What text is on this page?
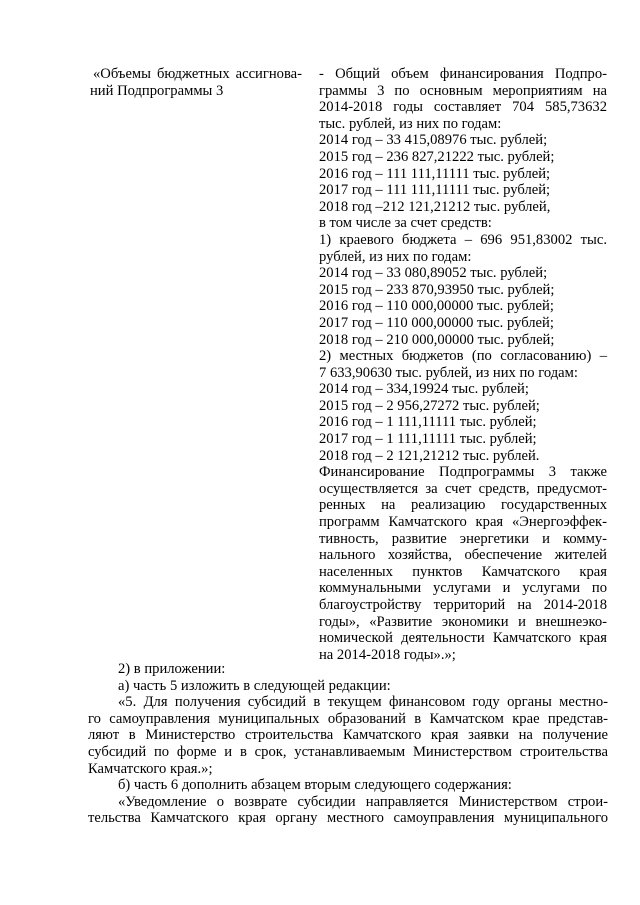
«Объемы бюджетных ассигнова-
ний Подпрограммы 3
- Общий объем финансирования Подпро-
граммы 3 по основным мероприятиям на
2014-2018 годы составляет 704 585,73632
тыс. рублей, из них по годам:
2014 год – 33 415,08976 тыс. рублей;
2015 год – 236 827,21222 тыс. рублей;
2016 год – 111 111,11111 тыс. рублей;
2017 год – 111 111,11111 тыс. рублей;
2018 год –212 121,21212 тыс. рублей,
в том числе за счет средств:
1) краевого бюджета – 696 951,83002 тыс.
рублей, из них по годам:
2014 год – 33 080,89052 тыс. рублей;
2015 год – 233 870,93950 тыс. рублей;
2016 год – 110 000,00000 тыс. рублей;
2017 год – 110 000,00000 тыс. рублей;
2018 год – 210 000,00000 тыс. рублей;
2) местных бюджетов (по согласованию) –
7 633,90630 тыс. рублей, из них по годам:
2014 год – 334,19924 тыс. рублей;
2015 год – 2 956,27272 тыс. рублей;
2016 год – 1 111,11111 тыс. рублей;
2017 год – 1 111,11111 тыс. рублей;
2018 год – 2 121,21212 тыс. рублей.
Финансирование Подпрограммы 3 также
осуществляется за счет средств, предусмот-
ренных на реализацию государственных
программ Камчатского края «Энергоэффек-
тивность, развитие энергетики и комму-
нального хозяйства, обеспечение жителей
населенных пунктов Камчатского края
коммунальными услугами и услугами по
благоустройству территорий на 2014-2018
годы», «Развитие экономики и внешнеэко-
номической деятельности Камчатского края
на 2014-2018 годы».»;
2) в приложении:
а) часть 5 изложить в следующей редакции:
«5. Для получения субсидий в текущем финансовом году органы местно-
го самоуправления муниципальных образований в Камчатском крае представ-
ляют в Министерство строительства Камчатского края заявки на получение
субсидий по форме и в срок, устанавливаемым Министерством строительства
Камчатского края.»;
б) часть 6 дополнить абзацем вторым следующего содержания:
«Уведомление о возврате субсидии направляется Министерством строи-
тельства Камчатского края органу местного самоуправления муниципального
